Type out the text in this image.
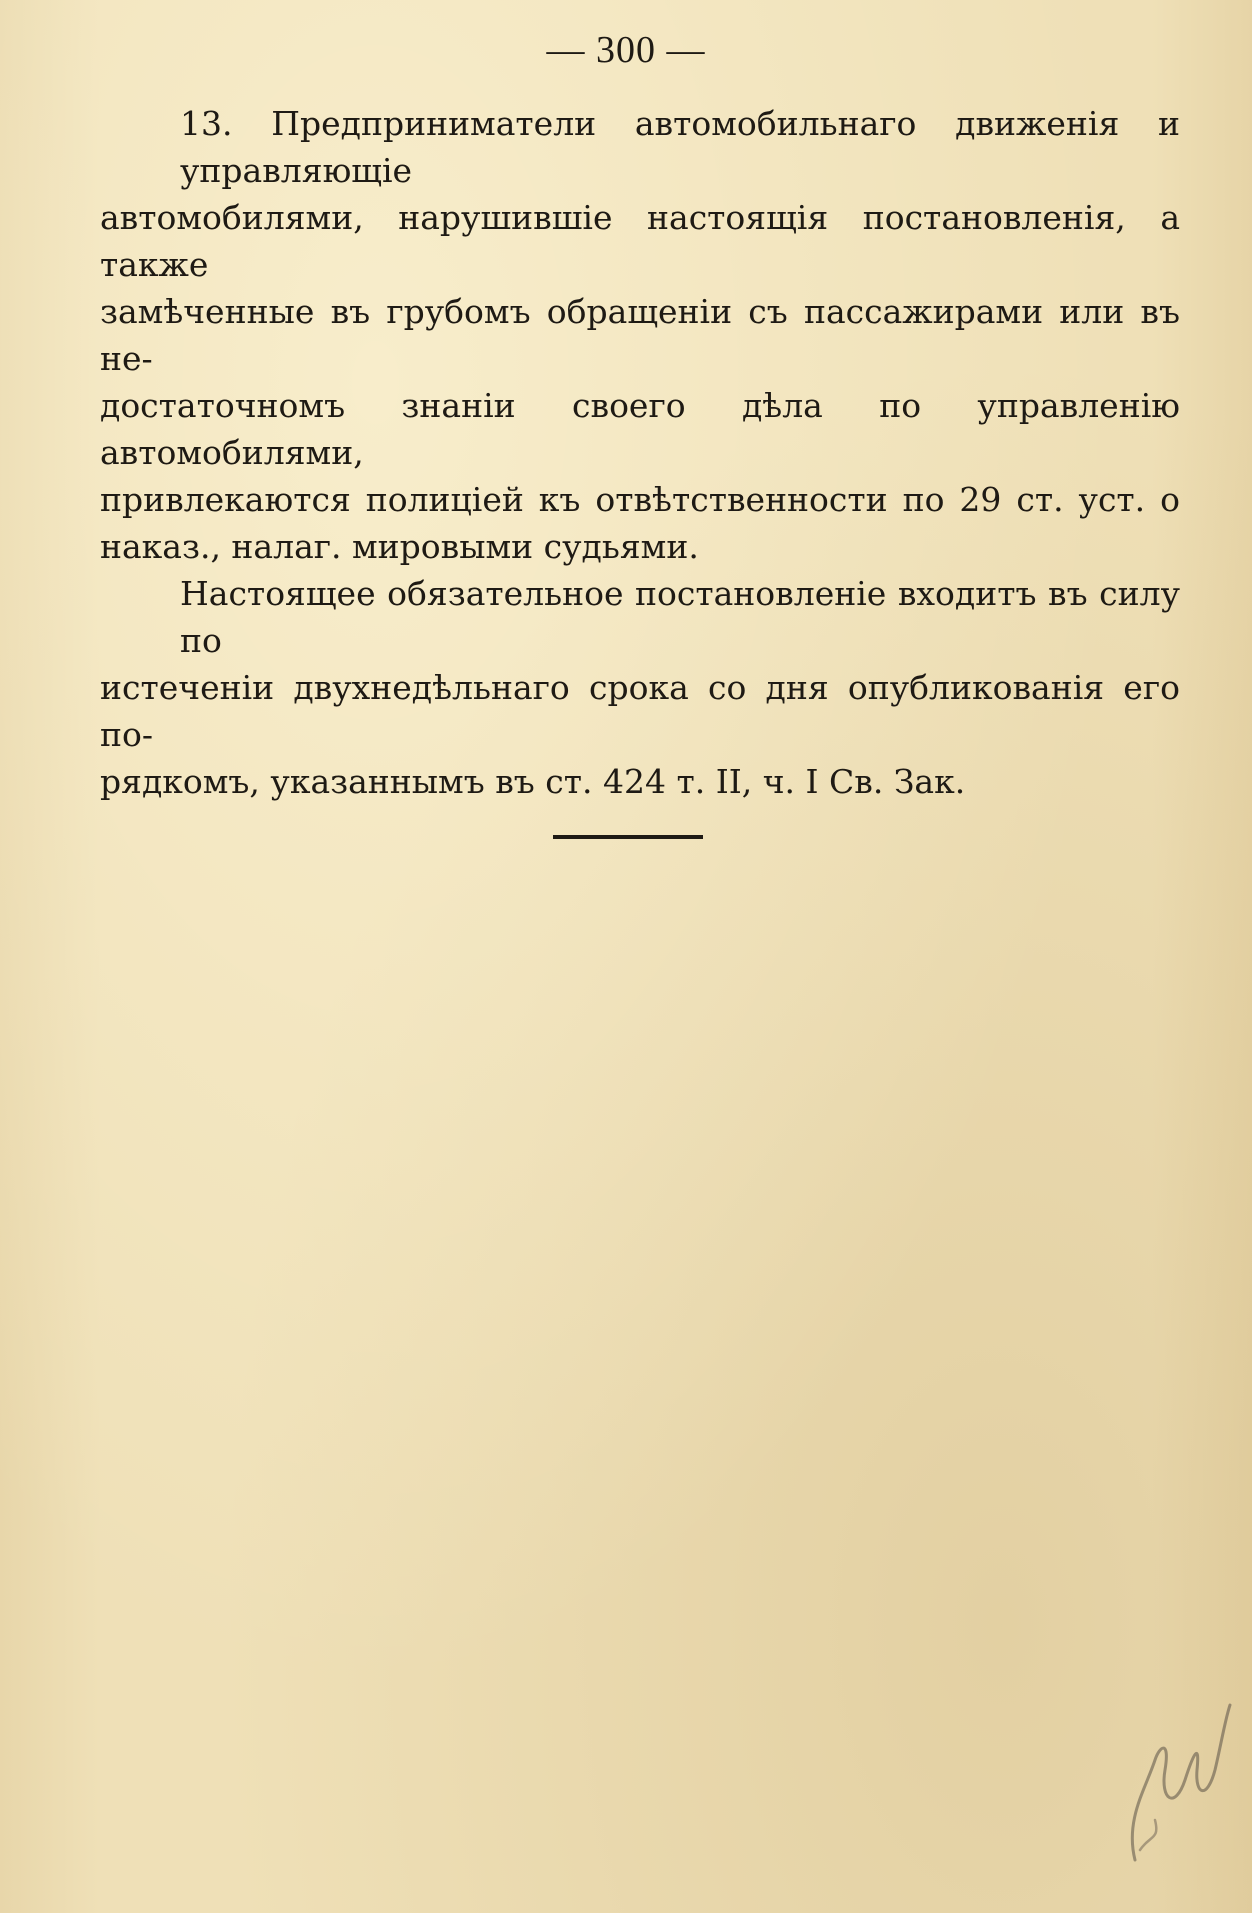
— 300 —

13. Предприниматели автомобильнаго движенія и управляющіе
автомобилями, нарушившіе настоящія постановленія, а также
замѣченные въ грубомъ обращеніи съ пассажирами или въ не-
достаточномъ знаніи своего дѣла по управленію автомобилями,
привлекаются полиціей къ отвѣтственности по 29 ст. уст. о
наказ., налаг. мировыми судьями.

Настоящее обязательное постановленіе входитъ въ силу по
истеченіи двухнедѣльнаго срока со дня опубликованія его по-
рядкомъ, указаннымъ въ ст. 424 т. II, ч. I Св. Зак.
